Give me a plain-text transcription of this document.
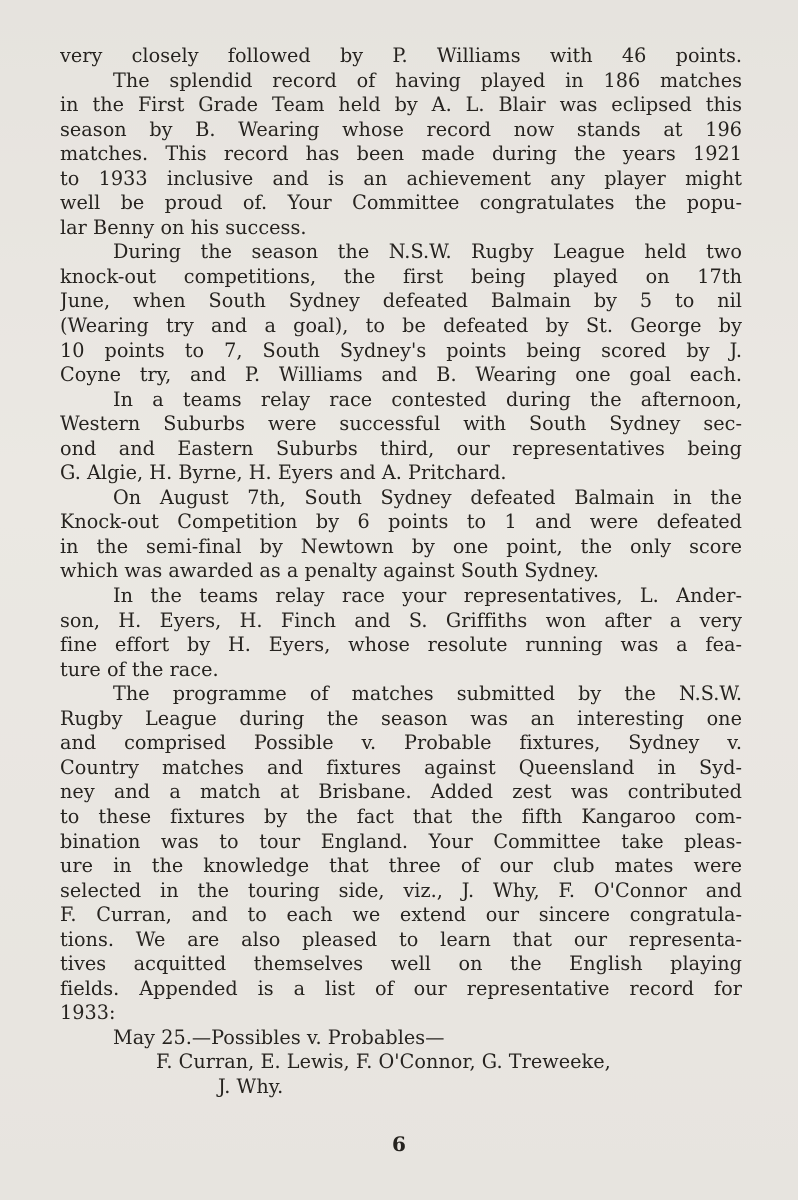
very closely followed by P. Williams with 46 points.
The splendid record of having played in 186 matches
in the First Grade Team held by A. L. Blair was eclipsed this
season by B. Wearing whose record now stands at 196
matches. This record has been made during the years 1921
to 1933 inclusive and is an achievement any player might
well be proud of. Your Committee congratulates the popu-
lar Benny on his success.
During the season the N.S.W. Rugby League held two
knock-out competitions, the first being played on 17th
June, when South Sydney defeated Balmain by 5 to nil
(Wearing try and a goal), to be defeated by St. George by
10 points to 7, South Sydney's points being scored by J.
Coyne try, and P. Williams and B. Wearing one goal each.
In a teams relay race contested during the afternoon,
Western Suburbs were successful with South Sydney sec-
ond and Eastern Suburbs third, our representatives being
G. Algie, H. Byrne, H. Eyers and A. Pritchard.
On August 7th, South Sydney defeated Balmain in the
Knock-out Competition by 6 points to 1 and were defeated
in the semi-final by Newtown by one point, the only score
which was awarded as a penalty against South Sydney.
In the teams relay race your representatives, L. Ander-
son, H. Eyers, H. Finch and S. Griffiths won after a very
fine effort by H. Eyers, whose resolute running was a fea-
ture of the race.
The programme of matches submitted by the N.S.W.
Rugby League during the season was an interesting one
and comprised Possible v. Probable fixtures, Sydney v.
Country matches and fixtures against Queensland in Syd-
ney and a match at Brisbane. Added zest was contributed
to these fixtures by the fact that the fifth Kangaroo com-
bination was to tour England. Your Committee take pleas-
ure in the knowledge that three of our club mates were
selected in the touring side, viz., J. Why, F. O'Connor and
F. Curran, and to each we extend our sincere congratula-
tions. We are also pleased to learn that our representa-
tives acquitted themselves well on the English playing
fields. Appended is a list of our representative record for
1933:
May 25.—Possibles v. Probables—
F. Curran, E. Lewis, F. O'Connor, G. Treweeke,
J. Why.
6
